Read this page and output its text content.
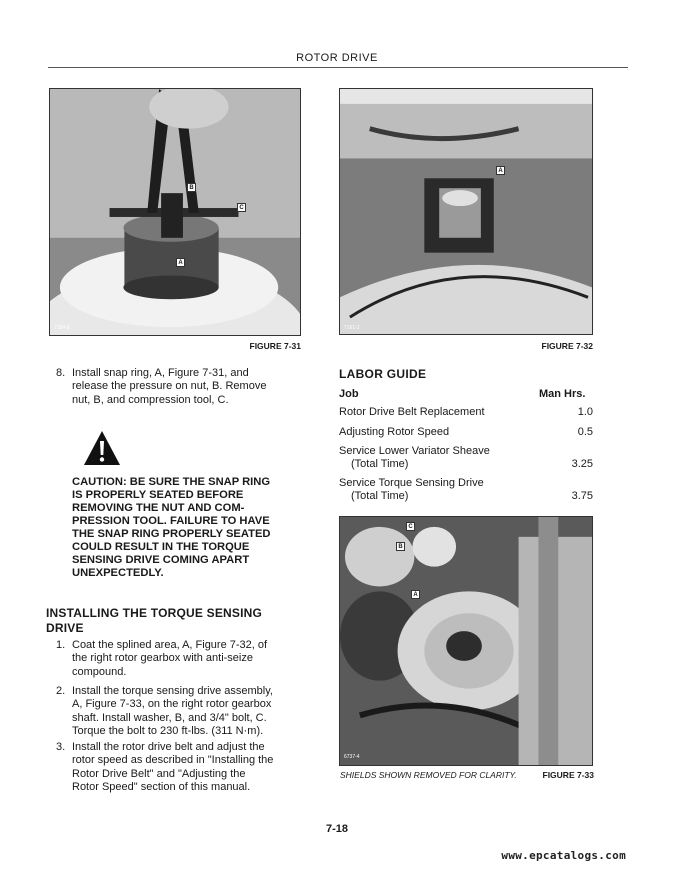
ROTOR DRIVE
7164-8
B
C
A
FIGURE 7-31
7161-2
A
FIGURE 7-32
8. Install snap ring, A, Figure 7-31, and
release the pressure on nut, B. Remove
nut, B, and compression tool, C.
CAUTION: BE SURE THE SNAP RING
IS PROPERLY SEATED BEFORE
REMOVING THE NUT AND COM-
PRESSION TOOL. FAILURE TO HAVE
THE SNAP RING PROPERLY SEATED
COULD RESULT IN THE TORQUE
SENSING DRIVE COMING APART
UNEXPECTEDLY.
INSTALLING THE TORQUE SENSING
DRIVE
1. Coat the splined area, A, Figure 7-32, of
the right rotor gearbox with anti-seize
compound.
2. Install the torque sensing drive assembly,
A, Figure 7-33, on the right rotor gearbox
shaft. Install washer, B, and 3/4" bolt, C.
Torque the bolt to 230 ft-lbs. (311 N·m).
3. Install the rotor drive belt and adjust the
rotor speed as described in "Installing the
Rotor Drive Belt" and "Adjusting the
Rotor Speed" section of this manual.
LABOR GUIDE
Job	Man Hrs.
Rotor Drive Belt Replacement	1.0
Adjusting Rotor Speed	0.5
Service Lower Variator Sheave
(Total Time)	3.25
Service Torque Sensing Drive
(Total Time)	3.75
6737-4
C
B
A
SHIELDS SHOWN REMOVED FOR CLARITY.	FIGURE 7-33
7-18
www.epcatalogs.com
